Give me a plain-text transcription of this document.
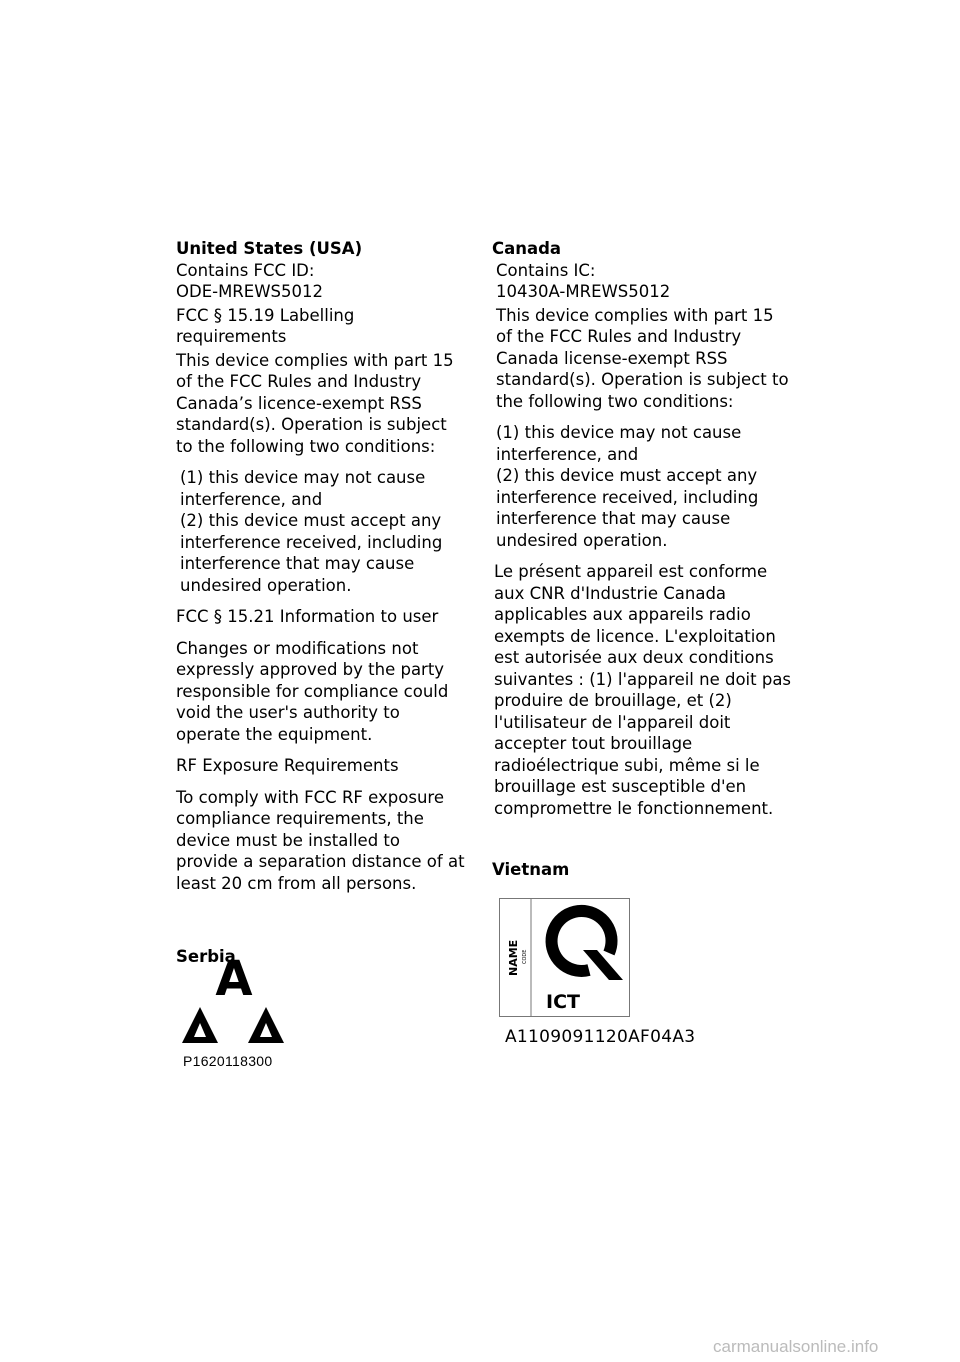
United States (USA)

Contains FCC ID:

ODE-MREWS5012

FCC § 15.19 Labelling requirements

This device complies with part 15 of the FCC Rules and Industry Canada’s licence-exempt RSS standard(s). Operation is subject to the following two conditions:

(1) this device may not cause interference, and

(2) this device must accept any interference received, including interference that may cause undesired operation.

FCC § 15.21 Information to user

Changes or modifications not expressly approved by the party responsible for compliance could void the user's authority to operate the equipment.

RF Exposure Requirements

To comply with FCC RF exposure compliance requirements, the device must be installed to provide a separation distance of at least 20 cm from all persons.

Serbia

A
P1620118300

Canada

Contains IC:

10430A-MREWS5012

This device complies with part 15 of the FCC Rules and Industry Canada license-exempt RSS standard(s). Operation is subject to the following two conditions:

(1) this device may not cause interference, and

(2) this device must accept any interference received, including interference that may cause undesired operation.

Le présent appareil est conforme aux CNR d'Industrie Canada applicables aux appareils radio exempts de licence. L'exploitation est autorisée aux deux conditions suivantes : (1) l'appareil ne doit pas produire de brouillage, et (2) l'utilisateur de l'appareil doit accepter tout brouillage radioélectrique subi, même si le brouillage est susceptible d'en compromettre le fonctionnement.

Vietnam

NAME CODE
ICT
A1109091120AF04A3
carmanualsonline.info
